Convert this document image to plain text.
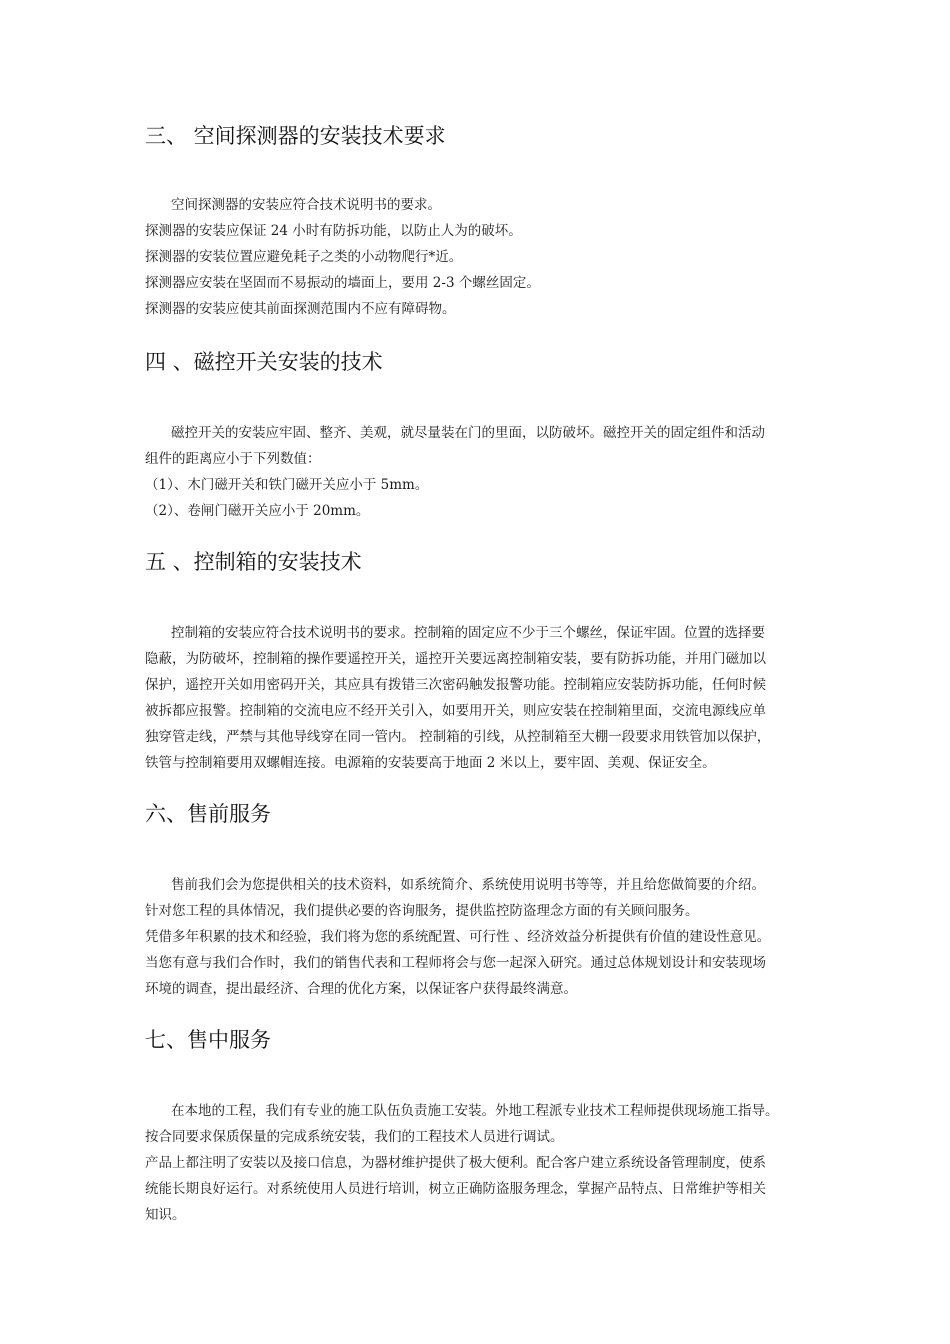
三、 空间探测器的安装技术要求
空间探测器的安装应符合技术说明书的要求。
探测器的安装应保证 24 小时有防拆功能，以防止人为的破坏。
探测器的安装位置应避免耗子之类的小动物爬行*近。
探测器应安装在坚固而不易振动的墙面上，要用 2-3 个螺丝固定。
探测器的安装应使其前面探测范围内不应有障碍物。
四 、磁控开关安装的技术
磁控开关的安装应牢固、整齐、美观，就尽量装在门的里面，以防破坏。磁控开关的固定组件和活动
组件的距离应小于下列数值：
（1）、木门磁开关和铁门磁开关应小于 5mm。
（2）、卷闸门磁开关应小于 20mm。
五 、控制箱的安装技术
控制箱的安装应符合技术说明书的要求。控制箱的固定应不少于三个螺丝，保证牢固。位置的选择要
隐蔽，为防破坏，控制箱的操作要遥控开关，遥控开关要远离控制箱安装，要有防拆功能，并用门磁加以
保护，遥控开关如用密码开关，其应具有拨错三次密码触发报警功能。控制箱应安装防拆功能，任何时候
被拆都应报警。控制箱的交流电应不经开关引入，如要用开关，则应安装在控制箱里面，交流电源线应单
独穿管走线，严禁与其他导线穿在同一管内。 控制箱的引线，从控制箱至大棚一段要求用铁管加以保护，
铁管与控制箱要用双螺帽连接。电源箱的安装要高于地面 2 米以上，要牢固、美观、保证安全。
六、售前服务
售前我们会为您提供相关的技术资料，如系统简介、系统使用说明书等等，并且给您做简要的介绍。
针对您工程的具体情况，我们提供必要的咨询服务，提供监控防盗理念方面的有关顾问服务。
凭借多年积累的技术和经验，我们将为您的系统配置、可行性 、经济效益分析提供有价值的建设性意见。
当您有意与我们合作时，我们的销售代表和工程师将会与您一起深入研究。通过总体规划设计和安装现场
环境的调查，提出最经济、合理的优化方案，以保证客户获得最终满意。
七、售中服务
在本地的工程，我们有专业的施工队伍负责施工安装。外地工程派专业技术工程师提供现场施工指导。
按合同要求保质保量的完成系统安装，我们的工程技术人员进行调试。
产品上都注明了安装以及接口信息，为器材维护提供了极大便利。配合客户建立系统设备管理制度，使系
统能长期良好运行。对系统使用人员进行培训，树立正确防盗服务理念，掌握产品特点、日常维护等相关
知识。
